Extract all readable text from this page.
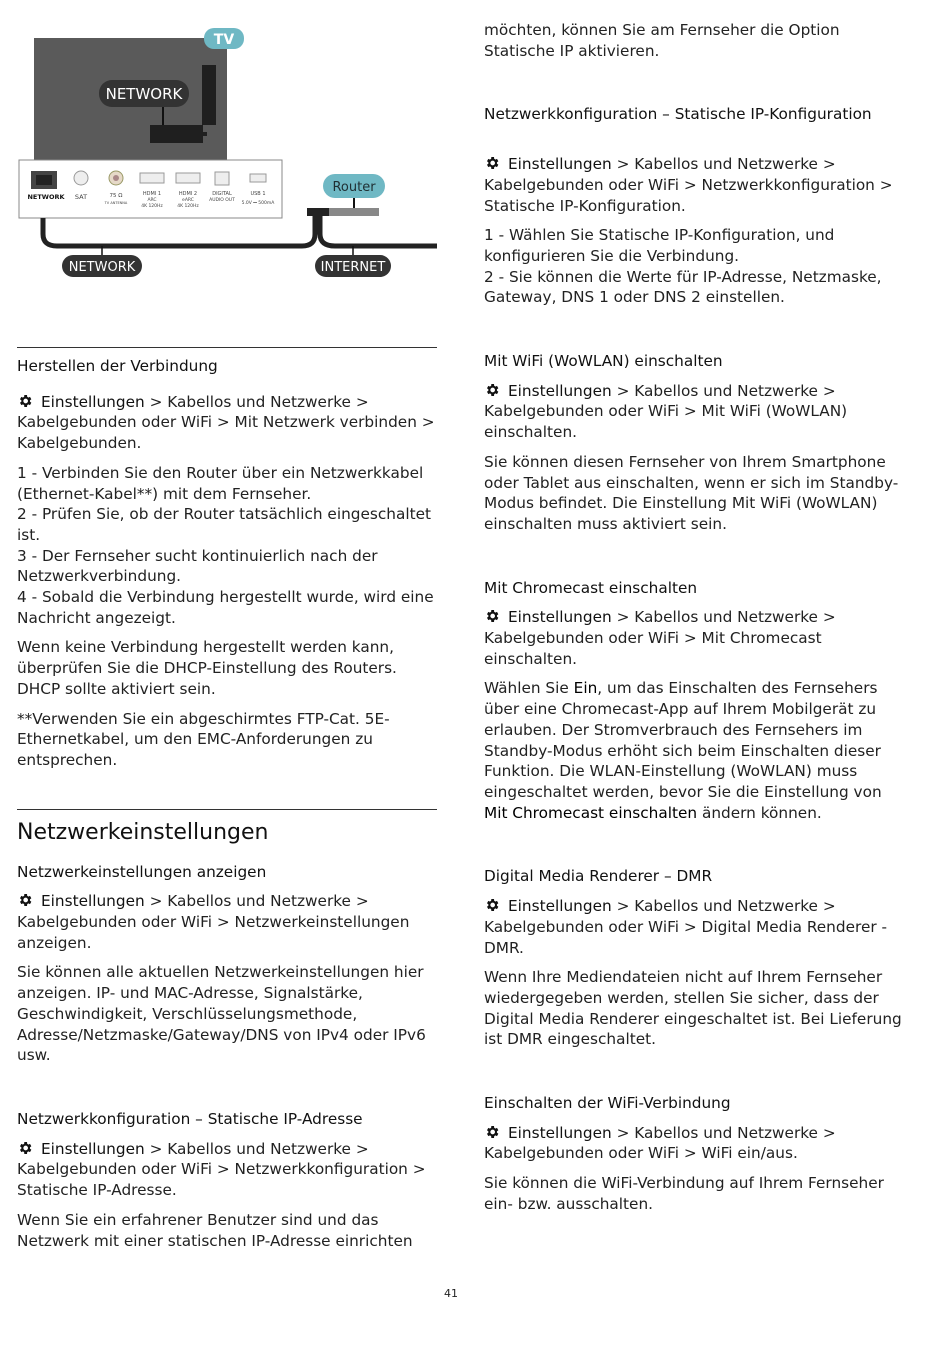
TV
NETWORK
NETWORK SAT	75 Ω
TV ANTENNA
HDMI 1
ARC
4K 120Hz
HDMI 2
eARC
4K 120Hz
DIGITAL
AUDIO OUT
USB 1
5.0V ⎓ 500mA
Router
NETWORK	INTERNET

Herstellen der Verbindung

Einstellungen > Kabellos und Netzwerke > Kabelgebunden oder WiFi > Mit Netzwerk verbinden > Kabelgebunden.

1 - Verbinden Sie den Router über ein Netzwerkkabel (Ethernet-Kabel**) mit dem Fernseher.

2 - Prüfen Sie, ob der Router tatsächlich eingeschaltet ist.

3 - Der Fernseher sucht kontinuierlich nach der Netzwerkverbindung.

4 - Sobald die Verbindung hergestellt wurde, wird eine Nachricht angezeigt.

Wenn keine Verbindung hergestellt werden kann, überprüfen Sie die DHCP-Einstellung des Routers. DHCP sollte aktiviert sein.

**Verwenden Sie ein abgeschirmtes FTP-Cat. 5E-Ethernetkabel, um den EMC-Anforderungen zu entsprechen.

Netzwerkeinstellungen

Netzwerkeinstellungen anzeigen

Einstellungen > Kabellos und Netzwerke > Kabelgebunden oder WiFi > Netzwerkeinstellungen anzeigen.

Sie können alle aktuellen Netzwerkeinstellungen hier anzeigen. IP- und MAC-Adresse, Signalstärke, Geschwindigkeit, Verschlüsselungsmethode, Adresse/Netzmaske/Gateway/DNS von IPv4 oder IPv6 usw.

Netzwerkkonfiguration – Statische IP-Adresse

Einstellungen > Kabellos und Netzwerke > Kabelgebunden oder WiFi > Netzwerkkonfiguration > Statische IP-Adresse.

Wenn Sie ein erfahrener Benutzer sind und das Netzwerk mit einer statischen IP-Adresse einrichten

möchten, können Sie am Fernseher die Option Statische IP aktivieren.

Netzwerkkonfiguration – Statische IP-Konfiguration

Einstellungen > Kabellos und Netzwerke > Kabelgebunden oder WiFi > Netzwerkkonfiguration > Statische IP-Konfiguration.

1 - Wählen Sie Statische IP-Konfiguration, und konfigurieren Sie die Verbindung.

2 - Sie können die Werte für IP-Adresse, Netzmaske, Gateway, DNS 1 oder DNS 2 einstellen.

Mit WiFi (WoWLAN) einschalten

Einstellungen > Kabellos und Netzwerke > Kabelgebunden oder WiFi > Mit WiFi (WoWLAN) einschalten.

Sie können diesen Fernseher von Ihrem Smartphone oder Tablet aus einschalten, wenn er sich im Standby-Modus befindet. Die Einstellung Mit WiFi (WoWLAN) einschalten muss aktiviert sein.

Mit Chromecast einschalten

Einstellungen > Kabellos und Netzwerke > Kabelgebunden oder WiFi > Mit Chromecast einschalten.

Wählen Sie Ein, um das Einschalten des Fernsehers über eine Chromecast-App auf Ihrem Mobilgerät zu erlauben. Der Stromverbrauch des Fernsehers im Standby-Modus erhöht sich beim Einschalten dieser Funktion. Die WLAN-Einstellung (WoWLAN) muss eingeschaltet werden, bevor Sie die Einstellung von Mit Chromecast einschalten ändern können.

Digital Media Renderer – DMR

Einstellungen > Kabellos und Netzwerke > Kabelgebunden oder WiFi > Digital Media Renderer - DMR.

Wenn Ihre Mediendateien nicht auf Ihrem Fernseher wiedergegeben werden, stellen Sie sicher, dass der Digital Media Renderer eingeschaltet ist. Bei Lieferung ist DMR eingeschaltet.

Einschalten der WiFi-Verbindung

Einstellungen > Kabellos und Netzwerke > Kabelgebunden oder WiFi > WiFi ein/aus.

Sie können die WiFi-Verbindung auf Ihrem Fernseher ein- bzw. ausschalten.

41
